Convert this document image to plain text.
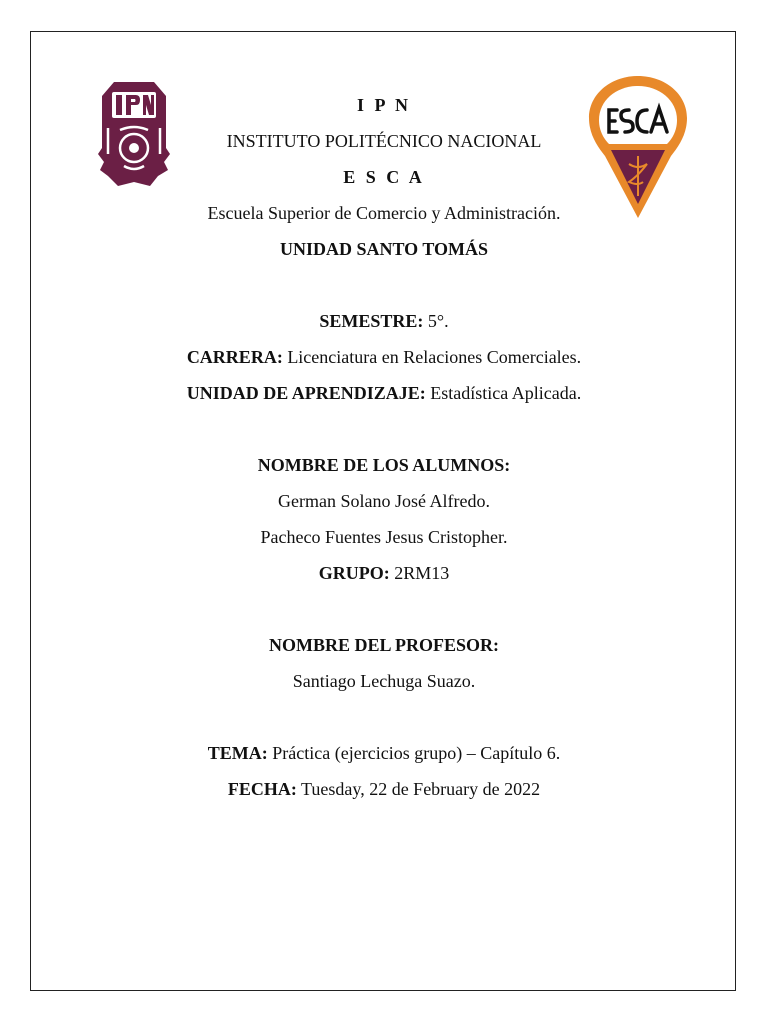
I P N
INSTITUTO POLITÉCNICO NACIONAL
E S C A
Escuela Superior de Comercio y Administración.
UNIDAD SANTO TOMÁS
SEMESTRE: 5°.
CARRERA: Licenciatura en Relaciones Comerciales.
UNIDAD DE APRENDIZAJE: Estadística Aplicada.
NOMBRE DE LOS ALUMNOS:
German Solano José Alfredo.
Pacheco Fuentes Jesus Cristopher.
GRUPO: 2RM13
NOMBRE DEL PROFESOR:
Santiago Lechuga Suazo.
TEMA: Práctica (ejercicios grupo) – Capítulo 6.
FECHA: Tuesday, 22 de February de 2022
